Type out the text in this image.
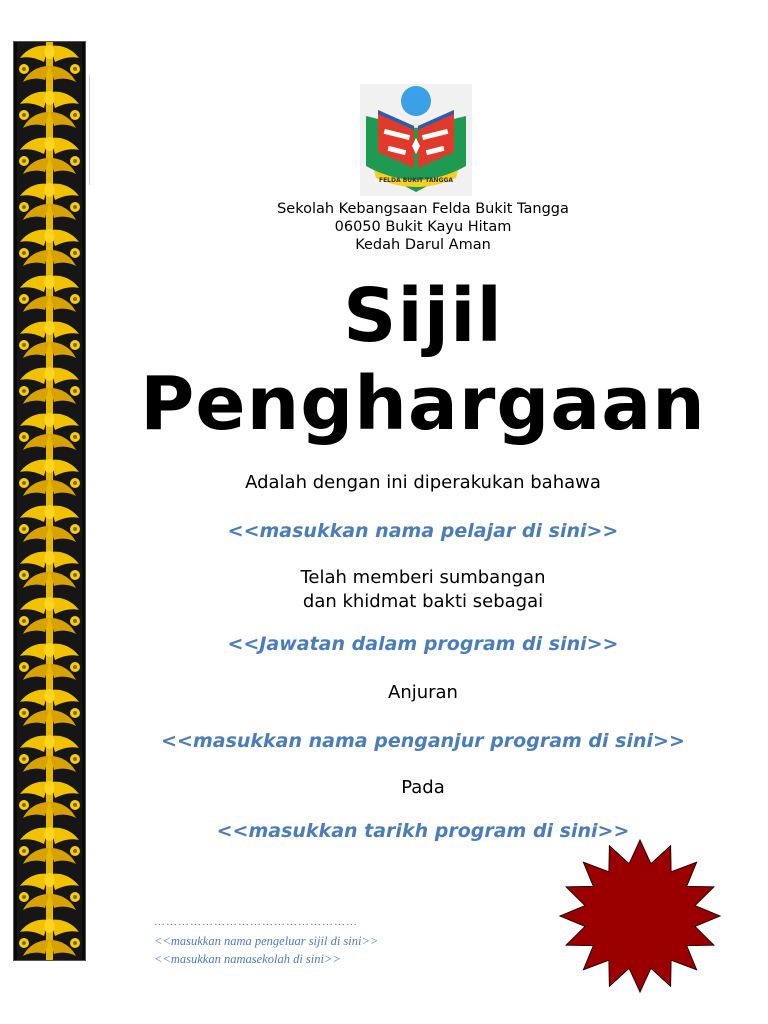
FELDA BUKIT TANGGA
Sekolah Kebangsaan Felda Bukit Tangga
06050 Bukit Kayu Hitam
Kedah Darul Aman
Sijil
Penghargaan
Adalah dengan ini diperakukan bahawa
<<masukkan nama pelajar di sini>>
Telah memberi sumbangan
dan khidmat bakti sebagai
<<Jawatan dalam program di sini>>
Anjuran
<<masukkan nama penganjur program di sini>>
Pada
<<masukkan tarikh program di sini>>
……………………………………………
<<masukkan nama pengeluar sijil di sini>>
<<masukkan namasekolah di sini>>
